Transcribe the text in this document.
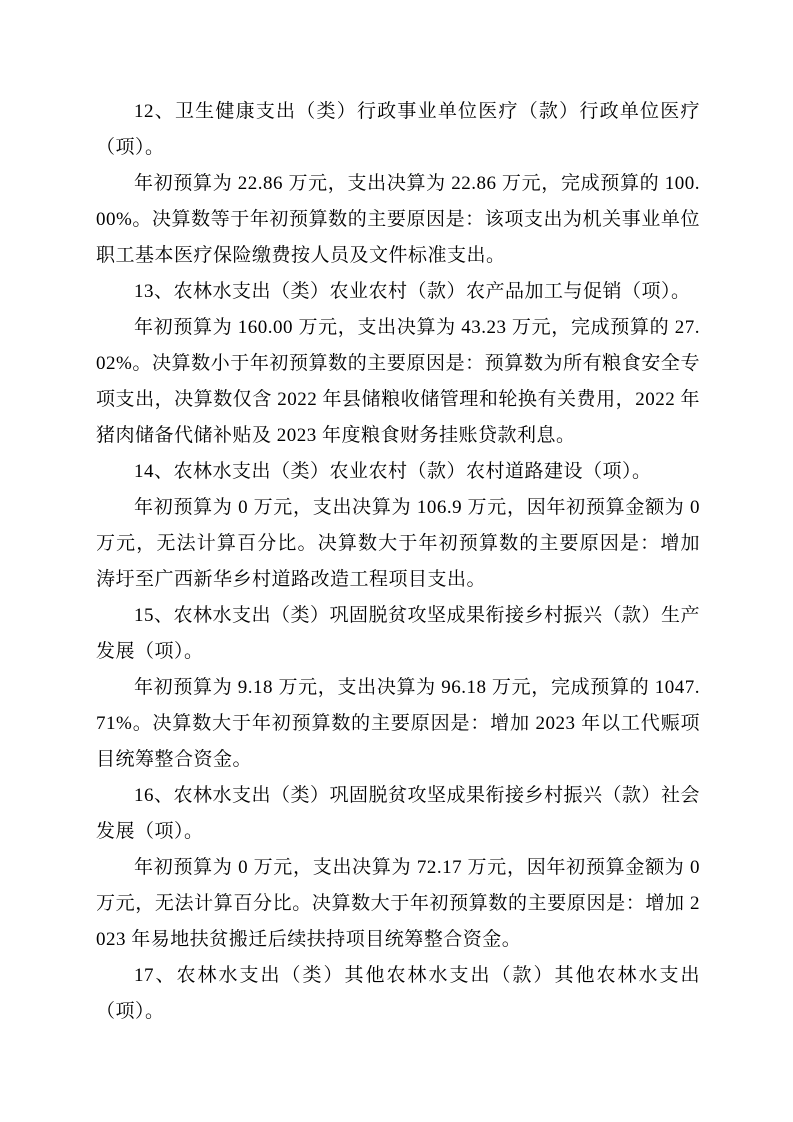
12、卫生健康支出（类）行政事业单位医疗（款）行政单位医疗（项）。

年初预算为 22.86 万元，支出决算为 22.86 万元，完成预算的 100.00%。决算数等于年初预算数的主要原因是：该项支出为机关事业单位职工基本医疗保险缴费按人员及文件标准支出。

13、农林水支出（类）农业农村（款）农产品加工与促销（项）。

年初预算为 160.00 万元，支出决算为 43.23 万元，完成预算的 27.02%。决算数小于年初预算数的主要原因是：预算数为所有粮食安全专项支出，决算数仅含 2022 年县储粮收储管理和轮换有关费用，2022 年猪肉储备代储补贴及 2023 年度粮食财务挂账贷款利息。

14、农林水支出（类）农业农村（款）农村道路建设（项）。

年初预算为 0 万元，支出决算为 106.9 万元，因年初预算金额为 0 万元，无法计算百分比。决算数大于年初预算数的主要原因是：增加涛圩至广西新华乡村道路改造工程项目支出。

15、农林水支出（类）巩固脱贫攻坚成果衔接乡村振兴（款）生产发展（项）。

年初预算为 9.18 万元，支出决算为 96.18 万元，完成预算的 1047.71%。决算数大于年初预算数的主要原因是：增加 2023 年以工代赈项目统筹整合资金。

16、农林水支出（类）巩固脱贫攻坚成果衔接乡村振兴（款）社会发展（项）。

年初预算为 0 万元，支出决算为 72.17 万元，因年初预算金额为 0 万元，无法计算百分比。决算数大于年初预算数的主要原因是：增加 2023 年易地扶贫搬迁后续扶持项目统筹整合资金。

17、农林水支出（类）其他农林水支出（款）其他农林水支出（项）。
